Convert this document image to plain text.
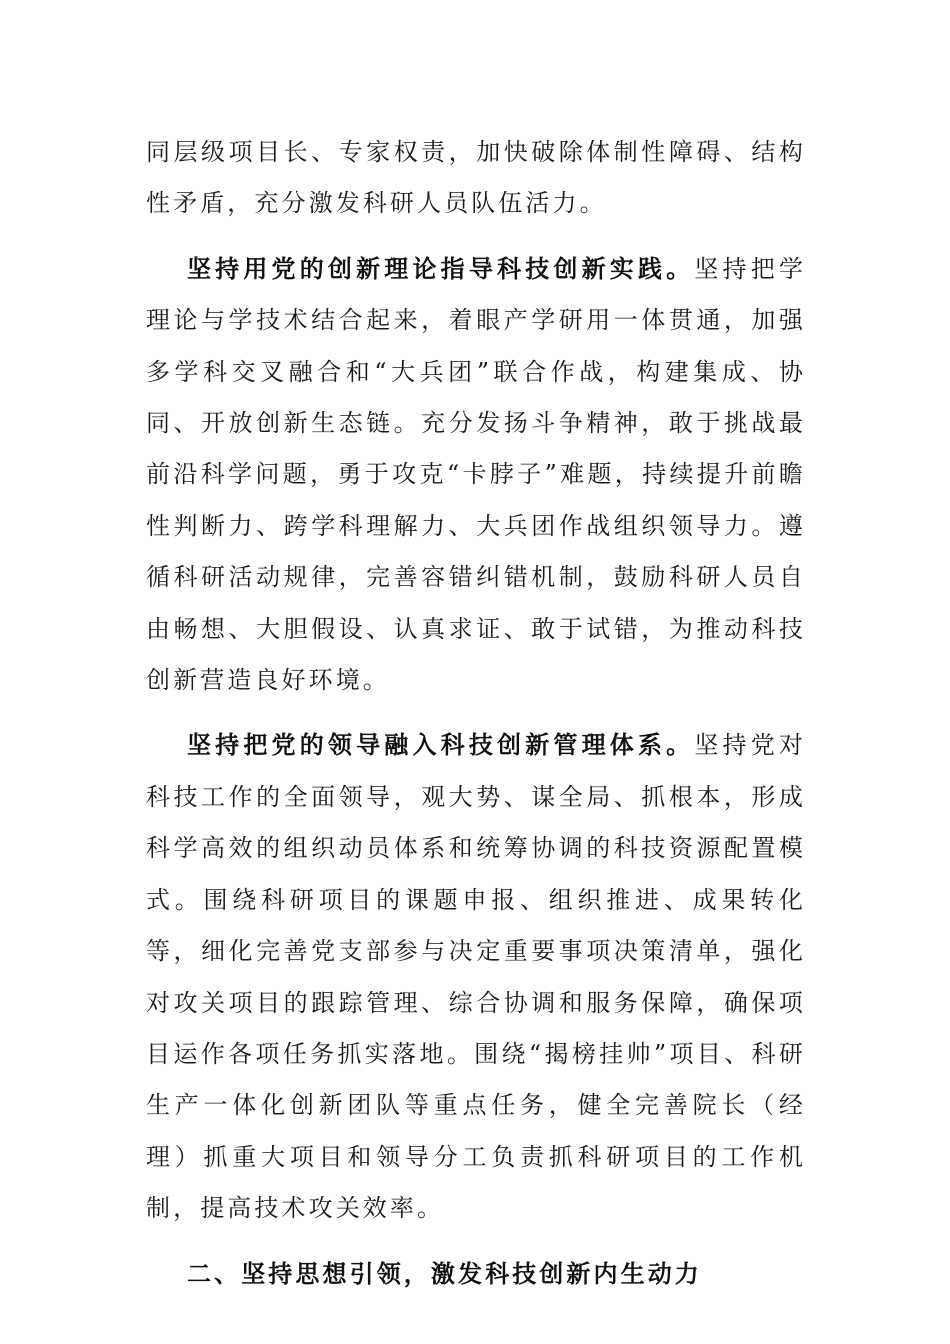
同层级项目长、专家权责，加快破除体制性障碍、结构性矛盾，充分激发科研人员队伍活力。

坚持用党的创新理论指导科技创新实践。坚持把学理论与学技术结合起来，着眼产学研用一体贯通，加强多学科交叉融合和“大兵团”联合作战，构建集成、协同、开放创新生态链。充分发扬斗争精神，敢于挑战最前沿科学问题，勇于攻克“卡脖子”难题，持续提升前瞻性判断力、跨学科理解力、大兵团作战组织领导力。遵循科研活动规律，完善容错纠错机制，鼓励科研人员自由畅想、大胆假设、认真求证、敢于试错，为推动科技创新营造良好环境。

坚持把党的领导融入科技创新管理体系。坚持党对科技工作的全面领导，观大势、谋全局、抓根本，形成科学高效的组织动员体系和统筹协调的科技资源配置模式。围绕科研项目的课题申报、组织推进、成果转化等，细化完善党支部参与决定重要事项决策清单，强化对攻关项目的跟踪管理、综合协调和服务保障，确保项目运作各项任务抓实落地。围绕“揭榜挂帅”项目、科研生产一体化创新团队等重点任务，健全完善院长（经理）抓重大项目和领导分工负责抓科研项目的工作机制，提高技术攻关效率。

二、坚持思想引领，激发科技创新内生动力
